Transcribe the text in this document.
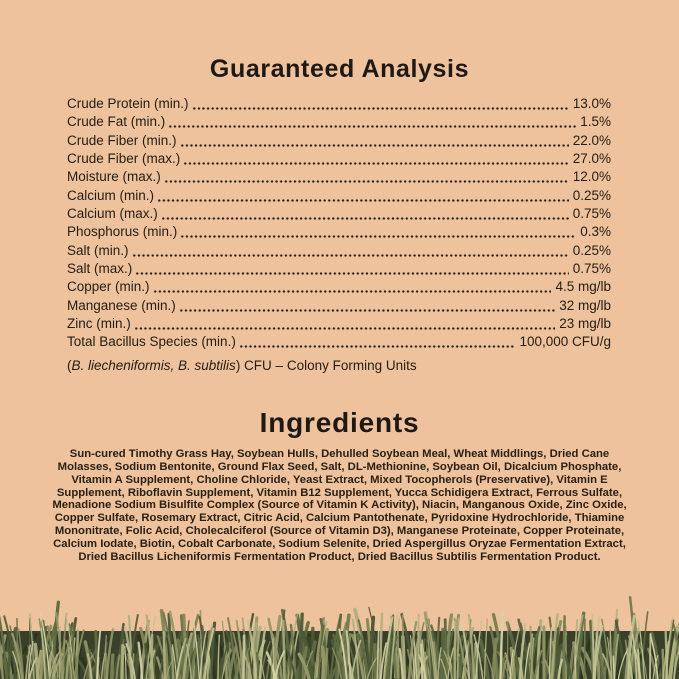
Guaranteed Analysis
Crude Protein (min.)	13.0%
Crude Fat (min.)	1.5%
Crude Fiber (min.)	22.0%
Crude Fiber (max.)	27.0%
Moisture (max.)	12.0%
Calcium (min.)	0.25%
Calcium (max.)	0.75%
Phosphorus (min.)	0.3%
Salt (min.)	0.25%
Salt (max.)	0.75%
Copper (min.)	4.5 mg/lb
Manganese (min.)	32 mg/lb
Zinc (min.)	23 mg/lb
Total Bacillus Species (min.)	100,000 CFU/g

(B. liecheniformis, B. subtilis) CFU – Colony Forming Units

Ingredients

Sun-cured Timothy Grass Hay, Soybean Hulls, Dehulled Soybean Meal, Wheat Middlings, Dried Cane Molasses, Sodium Bentonite, Ground Flax Seed, Salt, DL-Methionine, Soybean Oil, Dicalcium Phosphate, Vitamin A Supplement, Choline Chloride, Yeast Extract, Mixed Tocopherols (Preservative), Vitamin E Supplement, Riboflavin Supplement, Vitamin B12 Supplement, Yucca Schidigera Extract, Ferrous Sulfate, Menadione Sodium Bisulfite Complex (Source of Vitamin K Activity), Niacin, Manganous Oxide, Zinc Oxide, Copper Sulfate, Rosemary Extract, Citric Acid, Calcium Pantothenate, Pyridoxine Hydrochloride, Thiamine Mononitrate, Folic Acid, Cholecalciferol (Source of Vitamin D3), Manganese Proteinate, Copper Proteinate, Calcium Iodate, Biotin, Cobalt Carbonate, Sodium Selenite, Dried Aspergillus Oryzae Fermentation Extract, Dried Bacillus Licheniformis Fermentation Product, Dried Bacillus Subtilis Fermentation Product.
